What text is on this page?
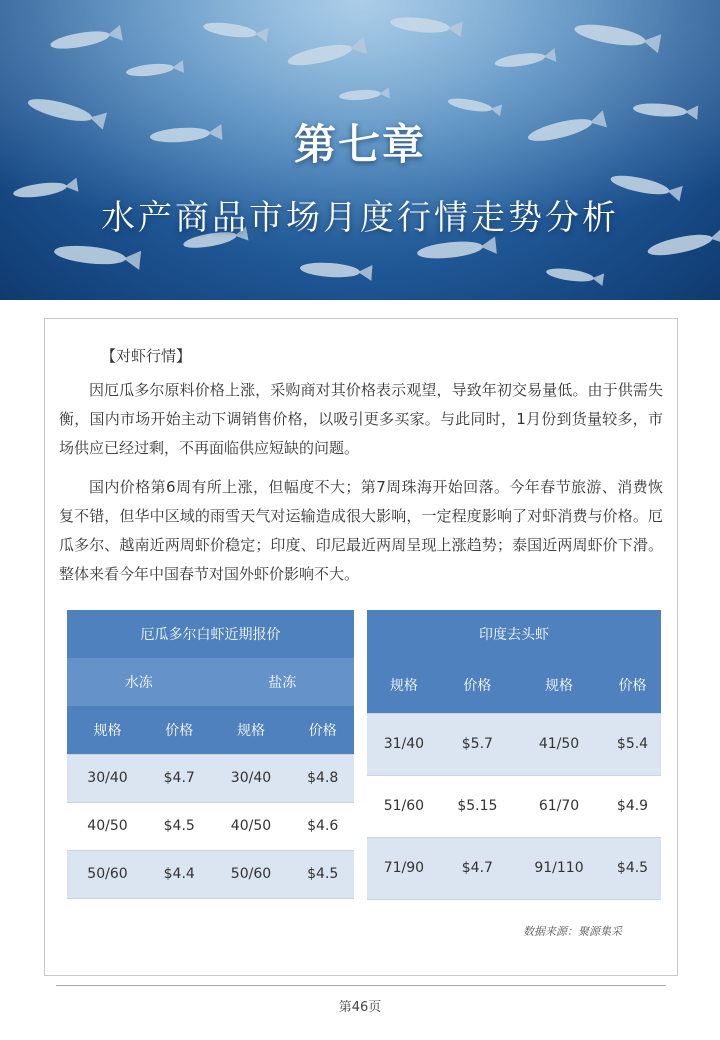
第七章
水产商品市场月度行情走势分析
【对虾行情】

因厄瓜多尔原料价格上涨，采购商对其价格表示观望，导致年初交易量低。由于供需失衡，国内市场开始主动下调销售价格，以吸引更多买家。与此同时，1月份到货量较多，市场供应已经过剩，不再面临供应短缺的问题。

国内价格第6周有所上涨，但幅度不大；第7周珠海开始回落。今年春节旅游、消费恢复不错，但华中区域的雨雪天气对运输造成很大影响，一定程度影响了对虾消费与价格。厄瓜多尔、越南近两周虾价稳定；印度、印尼最近两周呈现上涨趋势；泰国近两周虾价下滑。整体来看今年中国春节对国外虾价影响不大。

厄瓜多尔白虾近期报价			
水冻		盐冻	
规格	价格	规格	价格
30/40	$4.7	30/40	$4.8
40/50	$4.5	40/50	$4.6
50/60	$4.4	50/60	$4.5
印度去头虾			
规格	价格	规格	价格
31/40	$5.7	41/50	$5.4
51/60	$5.15	61/70	$4.9
71/90	$4.7	91/110	$4.5
数据来源：聚源集采
第46页
